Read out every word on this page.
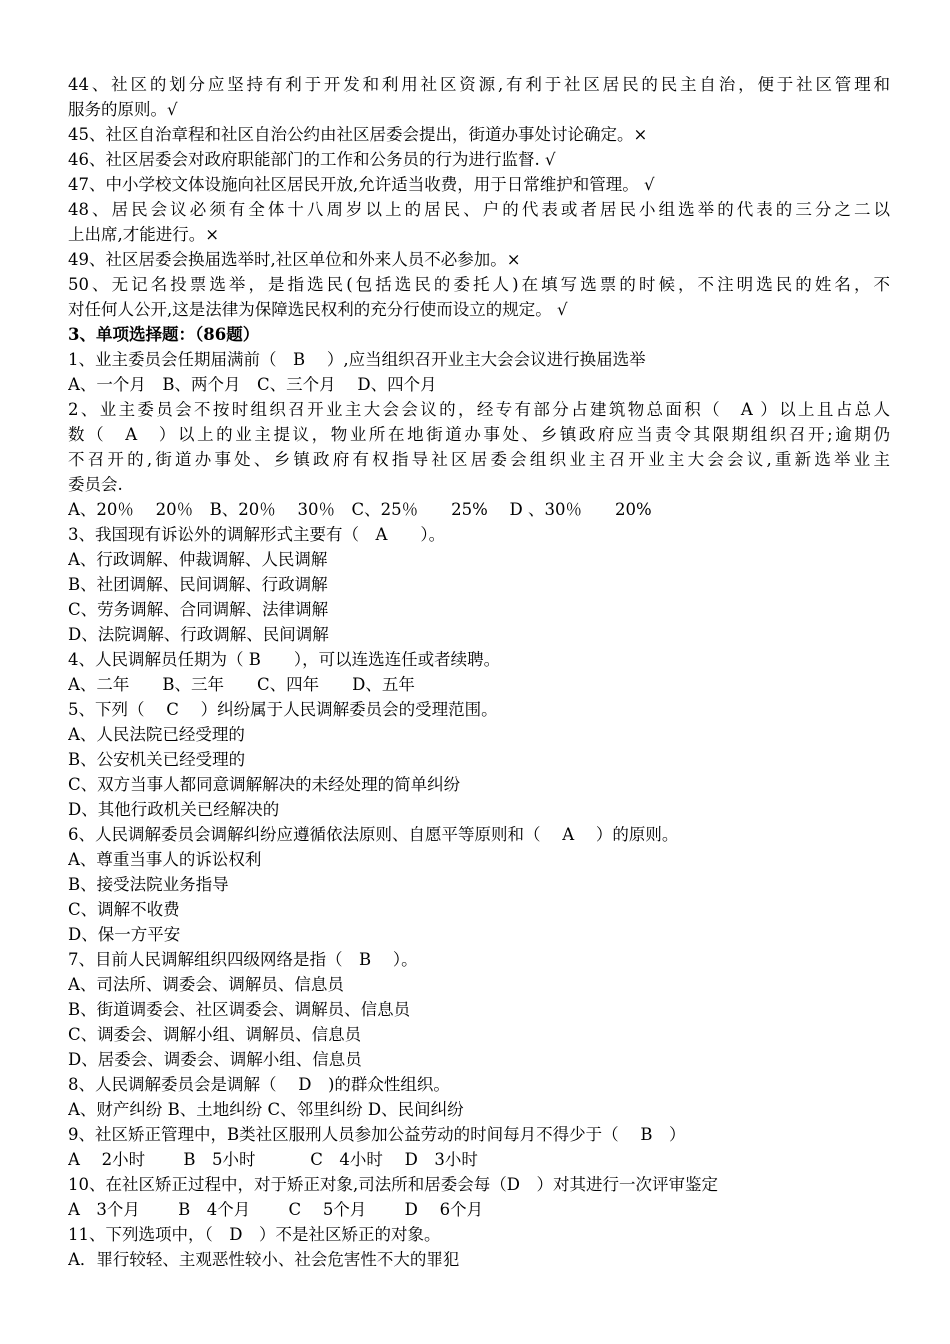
44、社区的划分应坚持有利于开发和利用社区资源,有利于社区居民的民主自治，便于社区管理和
服务的原则。√
45、社区自治章程和社区自治公约由社区居委会提出，街道办事处讨论确定。×
46、社区居委会对政府职能部门的工作和公务员的行为进行监督. √
47、中小学校文体设施向社区居民开放,允许适当收费，用于日常维护和管理。 √
48、居民会议必须有全体十八周岁以上的居民、户的代表或者居民小组选举的代表的三分之二以
上出席,才能进行。×
49、社区居委会换届选举时,社区单位和外来人员不必参加。×
50、无记名投票选举，是指选民(包括选民的委托人)在填写选票的时候，不注明选民的姓名，不
对任何人公开,这是法律为保障选民权利的充分行使而设立的规定。 √
3、单项选择题：（86题）
1、业主委员会任期届满前（　B　 ）,应当组织召开业主大会会议进行换届选举
A、一个月　B、两个月　C、三个月　 D、四个月
2、业主委员会不按时组织召开业主大会会议的，经专有部分占建筑物总面积（　A ）以上且占总人
数（　A　）以上的业主提议，物业所在地街道办事处、乡镇政府应当责令其限期组织召开;逾期仍
不召开的,街道办事处、乡镇政府有权指导社区居委会组织业主召开业主大会会议,重新选举业主
委员会.
A、20％　 20％　B、20％　 30％　C、25％　　25%　 D 、30％　　20%
3、我国现有诉讼外的调解形式主要有（　A　　）。
A、行政调解、仲裁调解、人民调解
B、社团调解、民间调解、行政调解
C、劳务调解、合同调解、法律调解
D、法院调解、行政调解、民间调解
4、人民调解员任期为（ B　　），可以连选连任或者续聘。
A、二年　　B、三年　　C、四年　　D、五年
5、下列（　 C　 ）纠纷属于人民调解委员会的受理范围。
A、人民法院已经受理的
B、公安机关已经受理的
C、双方当事人都同意调解解决的未经处理的简单纠纷
D、其他行政机关已经解决的
6、人民调解委员会调解纠纷应遵循依法原则、自愿平等原则和（　 A　 ）的原则。
A、尊重当事人的诉讼权利
B、接受法院业务指导
C、调解不收费
D、保一方平安
7、目前人民调解组织四级网络是指（　B　 ）。
A、司法所、调委会、调解员、信息员
B、街道调委会、社区调委会、调解员、信息员
C、调委会、调解小组、调解员、信息员
D、居委会、调委会、调解小组、信息员
8、人民调解委员会是调解（　 D　)的群众性组织。
A、财产纠纷 B、土地纠纷 C、邻里纠纷 D、民间纠纷
9、社区矫正管理中，B类社区服刑人员参加公益劳动的时间每月不得少于（　 B　）
A　 2小时　　 B　5小时　　　 C　4小时　 D　3小时
10、在社区矫正过程中，对于矫正对象,司法所和居委会每（D　）对其进行一次评审鉴定
A　3个月　　 B　4个月　　 C　 5个月　　 D　 6个月
11、下列选项中，（　D　）不是社区矫正的对象。
A．罪行较轻、主观恶性较小、社会危害性不大的罪犯
